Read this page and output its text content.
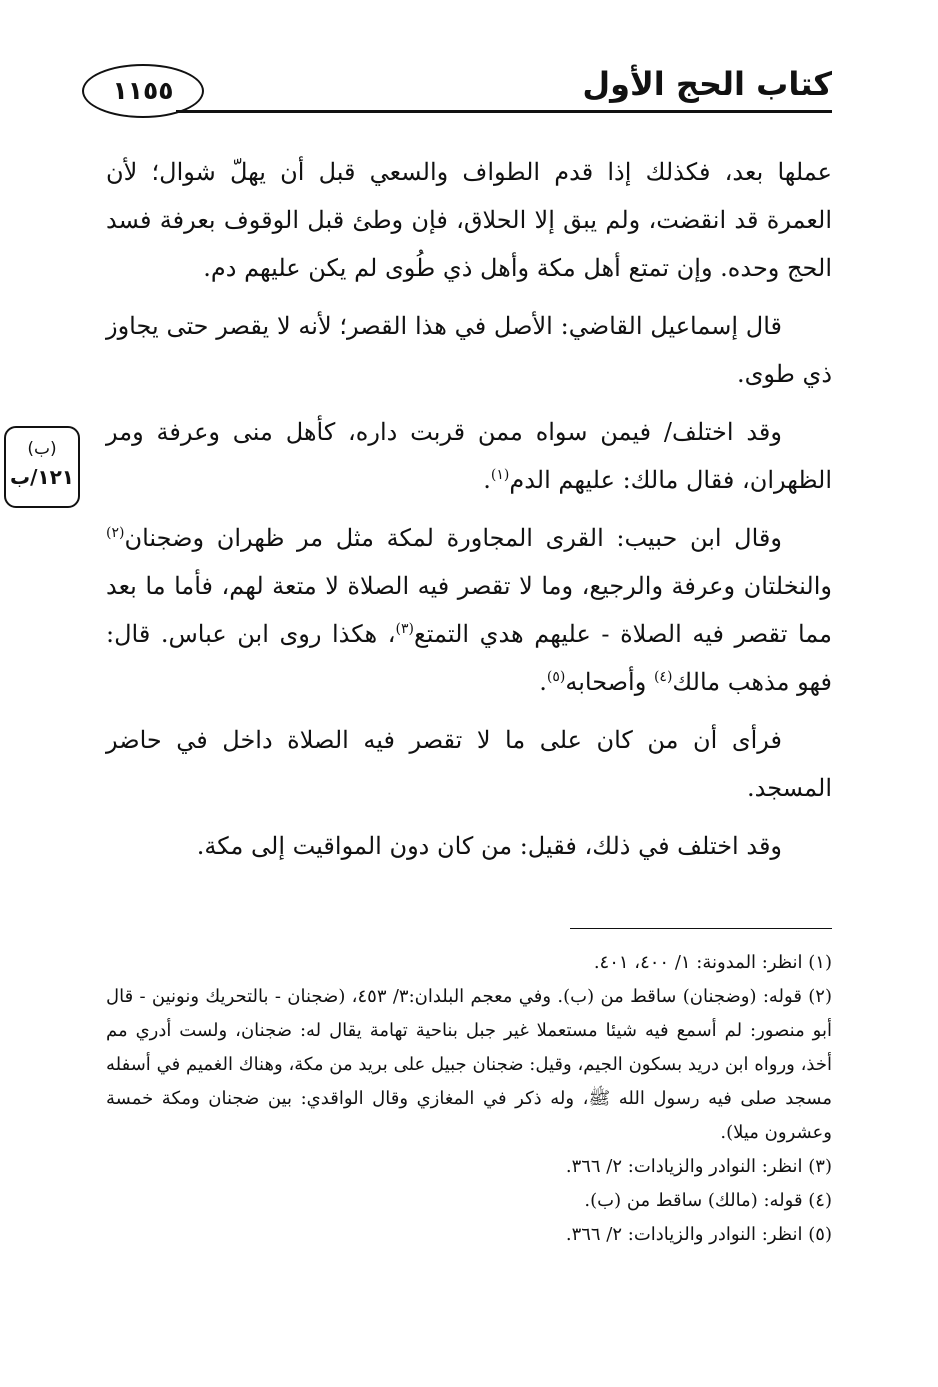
١١٥٥	كتاب الحج الأول
(ب)
١٢١/ب

عملها بعد، فكذلك إذا قدم الطواف والسعي قبل أن يهلّ شوال؛ لأن العمرة قد انقضت، ولم يبق إلا الحلاق، فإن وطئ قبل الوقوف بعرفة فسد الحج وحده. وإن تمتع أهل مكة وأهل ذي طُوى لم يكن عليهم دم.

قال إسماعيل القاضي: الأصل في هذا القصر؛ لأنه لا يقصر حتى يجاوز ذي طوى.

وقد اختلف/ فيمن سواه ممن قربت داره، كأهل منى وعرفة ومر الظهران، فقال مالك: عليهم الدم$^{(١)}$.

وقال ابن حبيب: القرى المجاورة لمكة مثل مر ظهران وضجنان$^{(٢)}$ والنخلتان وعرفة والرجيع، وما لا تقصر فيه الصلاة لا متعة لهم، فأما ما بعد مما تقصر فيه الصلاة - عليهم هدي التمتع$^{(٣)}$، هكذا روى ابن عباس. قال: فهو مذهب مالك$^{(٤)}$ وأصحابه$^{(٥)}$.

فرأى أن من كان على ما لا تقصر فيه الصلاة داخل في حاضر المسجد.

وقد اختلف في ذلك، فقيل: من كان دون المواقيت إلى مكة.

(١) انظر: المدونة: ١/ ٤٠٠، ٤٠١.

(٢) قوله: (وضجنان) ساقط من (ب). وفي معجم البلدان:٣/ ٤٥٣، (ضجنان - بالتحريك ونونين - قال أبو منصور: لم أسمع فيه شيئا مستعملا غير جبل بناحية تهامة يقال له: ضجنان، ولست أدري مم أخذ، ورواه ابن دريد بسكون الجيم، وقيل: ضجنان جبيل على بريد من مكة، وهناك الغميم في أسفله مسجد صلى فيه رسول الله ﷺ، وله ذكر في المغازي وقال الواقدي: بين ضجنان ومكة خمسة وعشرون ميلا).

(٣) انظر: النوادر والزيادات: ٢/ ٣٦٦.

(٤) قوله: (مالك) ساقط من (ب).

(٥) انظر: النوادر والزيادات: ٢/ ٣٦٦.
